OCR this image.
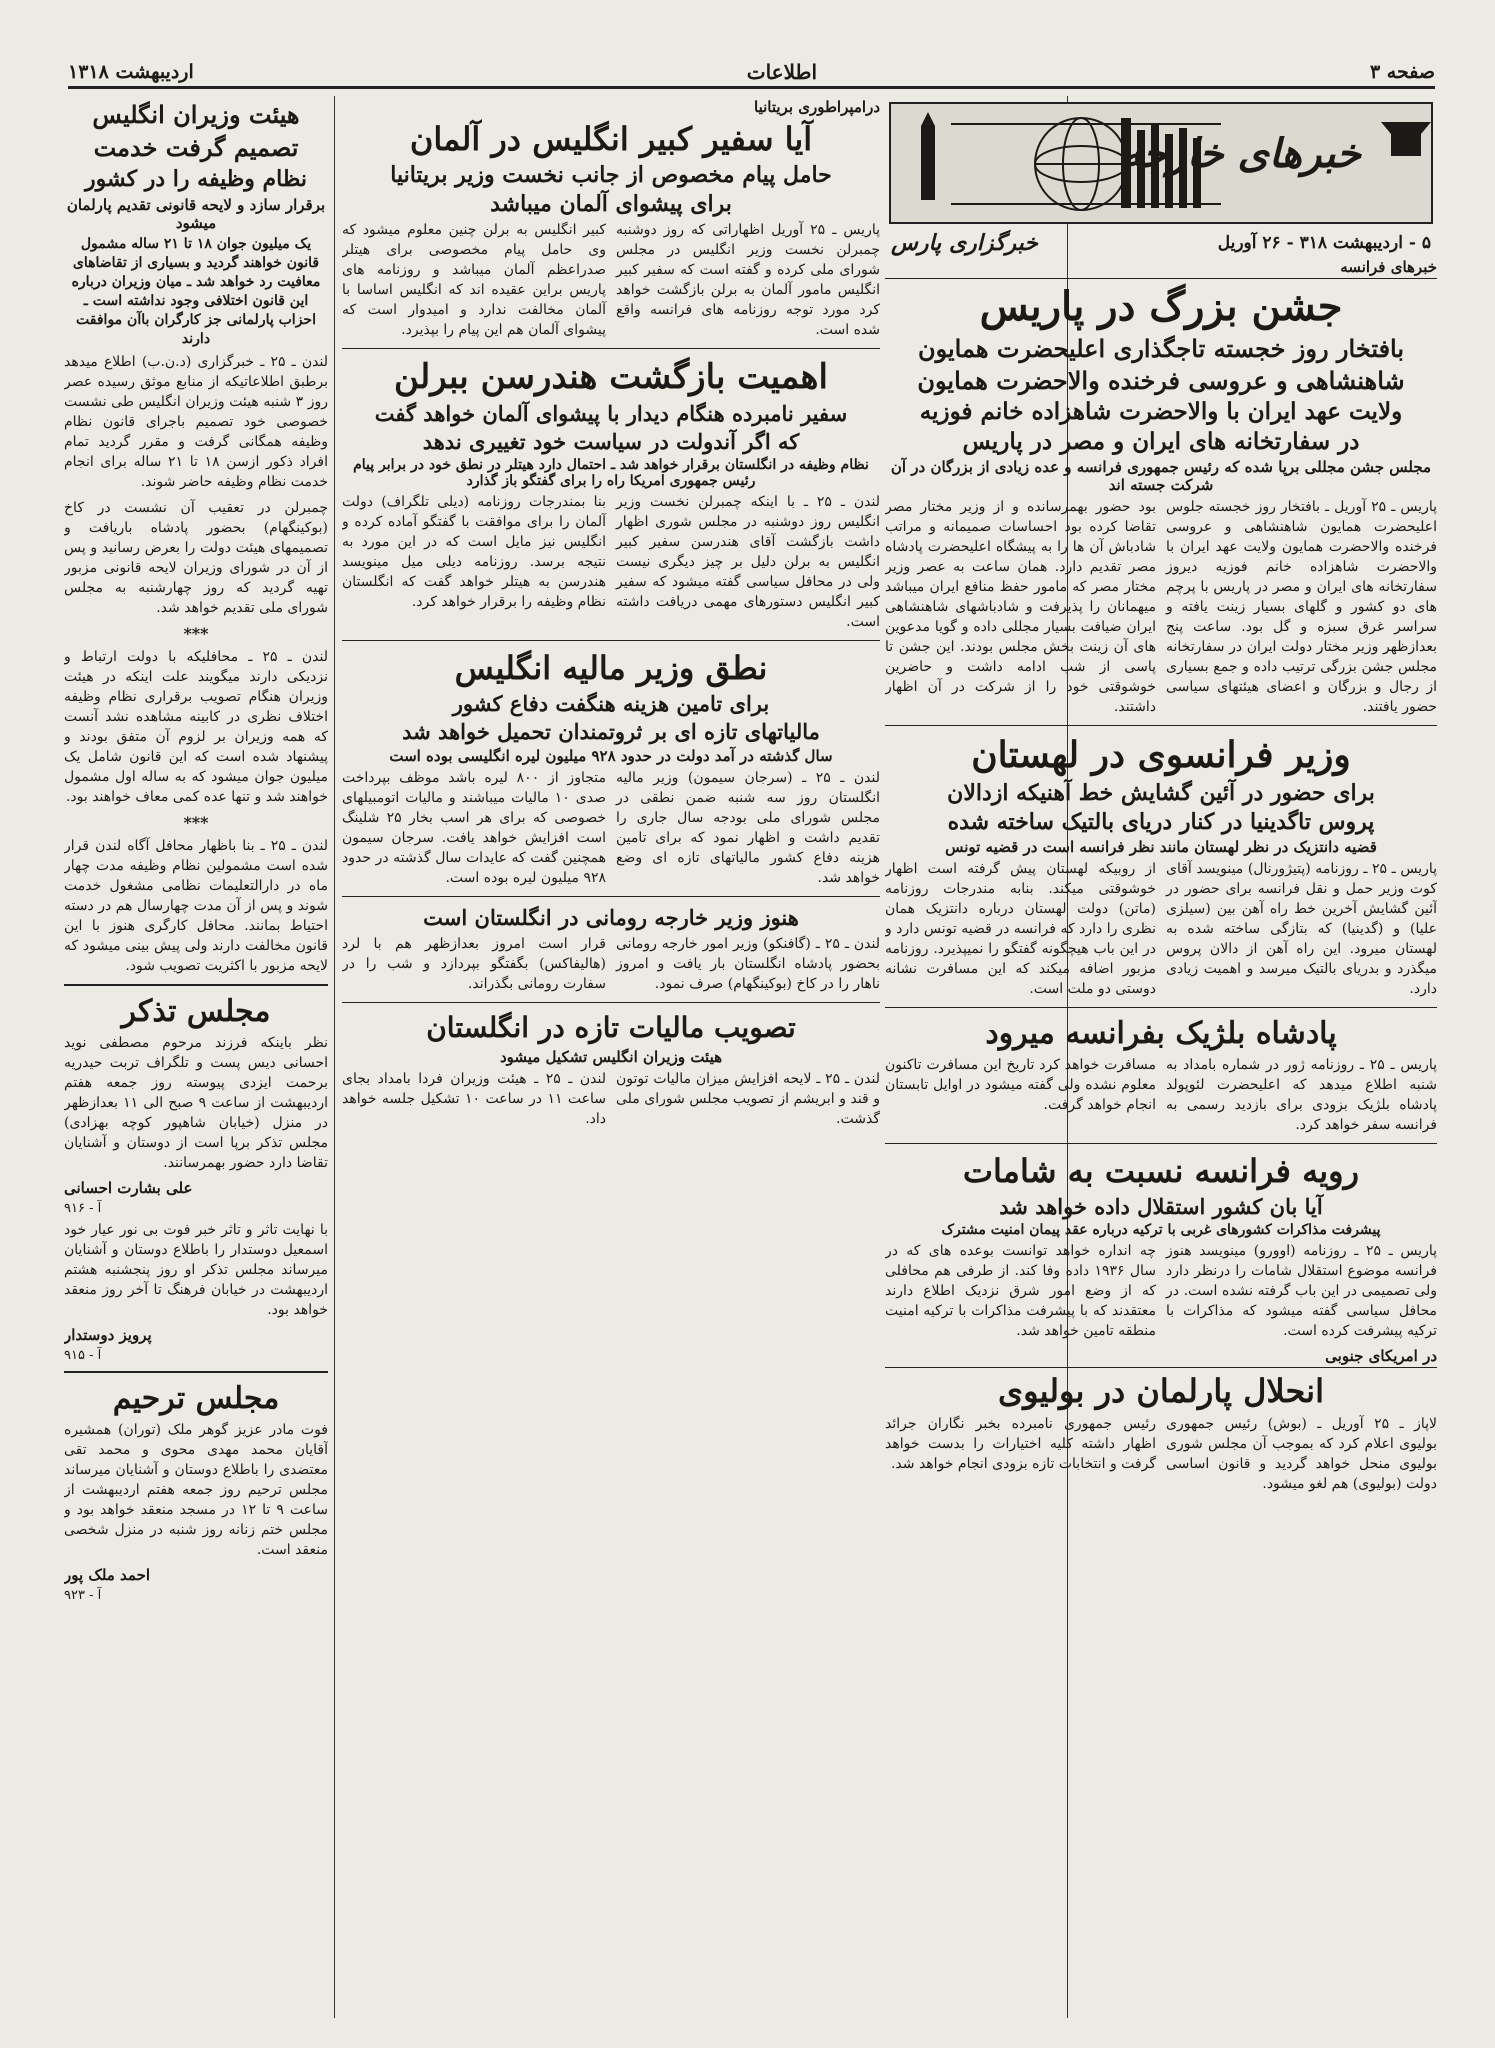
صفحه ۳
اطلاعات
اردیبهشت ۱۳۱۸
خبرهای خارجه
۵ - اردیبهشت ۳۱۸ - ۲۶ آوریل
خبرگزاری پارس
خبرهای فرانسه
جشن بزرگ در پاریس
بافتخار روز خجسته تاجگذاری اعلیحضرت همایون
شاهنشاهی و عروسی فرخنده والاحضرت همایون
ولایت عهد ایران با والاحضرت شاهزاده خانم فوزیه
در سفارتخانه های ایران و مصر در پاریس
مجلس جشن مجللی برپا شده که رئیس جمهوری فرانسه و عده زیادی از بزرگان در آن شرکت جسته اند
پاریس ـ ۲۵ آوریل ـ بافتخار روز خجسته جلوس اعلیحضرت همایون شاهنشاهی و عروسی فرخنده والاحضرت همایون ولایت عهد ایران با والاحضرت شاهزاده خانم فوزیه دیروز سفارتخانه های ایران و مصر در پاریس با پرچم های دو کشور و گلهای بسیار زینت یافته و سراسر غرق سبزه و گل بود. ساعت پنج بعدازظهر وزیر مختار دولت ایران در سفارتخانه مجلس جشن بزرگی ترتیب داده و جمع بسیاری از رجال و بزرگان و اعضای هیئتهای سیاسی حضور یافتند.
بود حضور بهمرسانده و از وزیر مختار مصر تقاضا کرده بود احساسات صمیمانه و مراتب شادباش آن ها را به پیشگاه اعلیحضرت پادشاه مصر تقدیم دارد. همان ساعت به عصر وزیر مختار مصر که مامور حفظ منافع ایران میباشد میهمانان را پذیرفت و شادباشهای شاهنشاهی ایران ضیافت بسیار مجللی داده و گویا مدعوین های آن زینت بخش مجلس بودند. این جشن تا پاسی از شب ادامه داشت و حاضرین خوشوقتی خود را از شرکت در آن اظهار داشتند.
وزیر فرانسوی در لهستان
برای حضور در آئین گشایش خط آهنیکه ازدالان
پروس تاگدینیا در کنار دریای بالتیک ساخته شده
قضیه دانتزیک در نظر لهستان مانند نظر فرانسه است در قضیه تونس
پاریس ـ ۲۵ ـ روزنامه (پتیژورنال) مینویسد آقای کوت وزیر حمل و نقل فرانسه برای حضور در آئین گشایش آخرین خط راه آهن بین (سیلزی علیا) و (گدینیا) که بتازگی ساخته شده به لهستان میرود. این راه آهن از دالان پروس میگذرد و بدریای بالتیک میرسد و اهمیت زیادی دارد.
از روبیکه لهستان پیش گرفته است اظهار خوشوقتی میکند. بنابه مندرجات روزنامه (ماتن) دولت لهستان درباره دانتزیک همان نظری را دارد که فرانسه در قضیه تونس دارد و در این باب هیچگونه گفتگو را نمیپذیرد. روزنامه مزبور اضافه میکند که این مسافرت نشانه دوستی دو ملت است.
پادشاه بلژیک بفرانسه میرود
پاریس ـ ۲۵ ـ روزنامه ژور در شماره بامداد به شنبه اطلاع میدهد که اعلیحضرت لئوپولد پادشاه بلژیک بزودی برای بازدید رسمی به فرانسه سفر خواهد کرد.
مسافرت خواهد کرد تاریخ این مسافرت تاکنون معلوم نشده ولی گفته میشود در اوایل تابستان انجام خواهد گرفت.
رویه فرانسه نسبت به شامات
آیا بان کشور استقلال داده خواهد شد
پیشرفت مذاکرات کشورهای غربی با ترکیه درباره عقد پیمان امنیت مشترک
پاریس ـ ۲۵ ـ روزنامه (اوورو) مینویسد هنوز فرانسه موضوع استقلال شامات را درنظر دارد ولی تصمیمی در این باب گرفته نشده است. در محافل سیاسی گفته میشود که مذاکرات با ترکیه پیشرفت کرده است.
چه انداره خواهد توانست بوعده های که در سال ۱۹۳۶ داده وفا کند. از طرفی هم محافلی که از وضع امور شرق نزدیک اطلاع دارند معتقدند که با پیشرفت مذاکرات با ترکیه امنیت منطقه تامین خواهد شد.
در امریکای جنوبی
انحلال پارلمان در بولیوی
لاپاز ـ ۲۵ آوریل ـ (بوش) رئیس جمهوری بولیوی اعلام کرد که بموجب آن مجلس شوری بولیوی منحل خواهد گردید و قانون اساسی دولت (بولیوی) هم لغو میشود.
رئیس جمهوری نامبرده بخبر نگاران جرائد اظهار داشته کلیه اختیارات را بدست خواهد گرفت و انتخابات تازه بزودی انجام خواهد شد.
درامپراطوری بریتانیا
آیا سفیر کبیر انگلیس در آلمان
حامل پیام مخصوص از جانب نخست وزیر بریتانیا
برای پیشوای آلمان میباشد
پاریس ـ ۲۵ آوریل اظهاراتی که روز دوشنبه چمبرلن نخست وزیر انگلیس در مجلس شورای ملی کرده و گفته است که سفیر کبیر انگلیس مامور آلمان به برلن بازگشت خواهد کرد مورد توجه روزنامه های فرانسه واقع شده است.
کبیر انگلیس به برلن چنین معلوم میشود که وی حامل پیام مخصوصی برای هیتلر صدراعظم آلمان میباشد و روزنامه های پاریس براین عقیده اند که انگلیس اساسا با آلمان مخالفت ندارد و امیدوار است که پیشوای آلمان هم این پیام را بپذیرد.
اهمیت بازگشت هندرسن ببرلن
سفیر نامبرده هنگام دیدار با پیشوای آلمان خواهد گفت
که اگر آندولت در سیاست خود تغییری ندهد
نظام وظیفه در انگلستان برقرار خواهد شد ـ احتمال دارد هیتلر در نطق خود در برابر پیام رئیس جمهوری امریکا راه را برای گفتگو باز گذارد
لندن ـ ۲۵ ـ با اینکه چمبرلن نخست وزیر انگلیس روز دوشنبه در مجلس شوری اظهار داشت بازگشت آقای هندرسن سفیر کبیر انگلیس به برلن دلیل بر چیز دیگری نیست ولی در محافل سیاسی گفته میشود که سفیر کبیر انگلیس دستورهای مهمی دریافت داشته است.
بنا بمندرجات روزنامه (دیلی تلگراف) دولت آلمان را برای موافقت با گفتگو آماده کرده و انگلیس نیز مایل است که در این مورد به نتیجه برسد. روزنامه دیلی میل مینویسد هندرسن به هیتلر خواهد گفت که انگلستان نظام وظیفه را برقرار خواهد کرد.
نطق وزیر مالیه انگلیس
برای تامین هزینه هنگفت دفاع کشور
مالیاتهای تازه ای بر ثروتمندان تحمیل خواهد شد
سال گذشته در آمد دولت در حدود ۹۲۸ میلیون لیره انگلیسی بوده است
لندن ـ ۲۵ ـ (سرجان سیمون) وزیر مالیه انگلستان روز سه شنبه ضمن نطقی در مجلس شورای ملی بودجه سال جاری را تقدیم داشت و اظهار نمود که برای تامین هزینه دفاع کشور مالیاتهای تازه ای وضع خواهد شد.
متجاوز از ۸۰۰ لیره باشد موظف بپرداخت صدی ۱۰ مالیات میباشند و مالیات اتومبیلهای خصوصی که برای هر اسب بخار ۲۵ شلینگ است افزایش خواهد یافت. سرجان سیمون همچنین گفت که عایدات سال گذشته در حدود ۹۲۸ میلیون لیره بوده است.
هنوز وزیر خارجه رومانی در انگلستان است
لندن ـ ۲۵ ـ (گافنکو) وزیر امور خارجه رومانی بحضور پادشاه انگلستان بار یافت و امروز ناهار را در کاخ (بوکینگهام) صرف نمود.
قرار است امروز بعدازظهر هم با لرد (هالیفاکس) بگفتگو بپردازد و شب را در سفارت رومانی بگذراند.
تصویب مالیات تازه در انگلستان
هیئت وزیران انگلیس تشکیل میشود
لندن ـ ۲۵ ـ لایحه افزایش میزان مالیات توتون و قند و ابریشم از تصویب مجلس شورای ملی گذشت.
لندن ـ ۲۵ ـ هیئت وزیران فردا بامداد بجای ساعت ۱۱ در ساعت ۱۰ تشکیل جلسه خواهد داد.
هیئت وزیران انگلیس
تصمیم گرفت خدمت
نظام وظیفه را در کشور
برقرار سازد و لایحه قانونی تقدیم پارلمان میشود
یک میلیون جوان ۱۸ تا ۲۱ ساله مشمول قانون خواهند گردید و بسیاری از تقاضاهای معافیت رد خواهد شد ـ میان وزیران درباره این قانون اختلافی وجود نداشته است ـ احزاب پارلمانی جز کارگران باآن موافقت دارند
لندن ـ ۲۵ ـ خبرگزاری (د.ن.ب) اطلاع میدهد برطبق اطلاعاتیکه از منابع موثق رسیده عصر روز ۳ شنبه هیئت وزیران انگلیس طی نشست خصوصی خود تصمیم باجرای قانون نظام وظیفه همگانی گرفت و مقرر گردید تمام افراد ذکور ازسن ۱۸ تا ۲۱ ساله برای انجام خدمت نظام وظیفه حاضر شوند.
چمبرلن در تعقیب آن نشست در کاخ (بوکینگهام) بحضور پادشاه باریافت و تصمیمهای هیئت دولت را بعرض رسانید و پس از آن در شورای وزیران لایحه قانونی مزبور تهیه گردید که روز چهارشنبه به مجلس شورای ملی تقدیم خواهد شد.
***
لندن ـ ۲۵ ـ محافلیکه با دولت ارتباط و نزدیکی دارند میگویند علت اینکه در هیئت وزیران هنگام تصویب برقراری نظام وظیفه اختلاف نظری در کابینه مشاهده نشد آنست که همه وزیران بر لزوم آن متفق بودند و پیشنهاد شده است که این قانون شامل یک میلیون جوان میشود که به ساله اول مشمول خواهند شد و تنها عده کمی معاف خواهند بود.
***
لندن ـ ۲۵ ـ بنا باظهار محافل آگاه لندن قرار شده است مشمولین نظام وظیفه مدت چهار ماه در دارالتعلیمات نظامی مشغول خدمت شوند و پس از آن مدت چهارسال هم در دسته احتیاط بمانند. محافل کارگری هنوز با این قانون مخالفت دارند ولی پیش بینی میشود که لایحه مزبور با اکثریت تصویب شود.
مجلس تذکر
نظر باینکه فرزند مرحوم مصطفی نوید احسانی دیس پست و تلگراف تربت حیدریه برحمت ایزدی پیوسته روز جمعه هفتم اردیبهشت از ساعت ۹ صبح الی ۱۱ بعدازظهر در منزل (خیابان شاهپور کوچه بهزادی) مجلس تذکر برپا است از دوستان و آشنایان تقاضا دارد حضور بهمرسانند.
علی بشارت احسانی
آ - ۹۱۶
با نهایت تاثر و تاثر خبر فوت بی نور عیار خود اسمعیل دوستدار را باطلاع دوستان و آشنایان میرساند مجلس تذکر او روز پنجشنبه هشتم اردیبهشت در خیابان فرهنگ تا آخر روز منعقد خواهد بود.
پرویز دوستدار
آ - ۹۱۵
مجلس ترحیم
فوت مادر عزیز گوهر ملک (توران) همشیره آقایان محمد مهدی محوی و محمد تقی معتضدی را باطلاع دوستان و آشنایان میرساند مجلس ترحیم روز جمعه هفتم اردیبهشت از ساعت ۹ تا ۱۲ در مسجد منعقد خواهد بود و مجلس ختم زنانه روز شنبه در منزل شخصی منعقد است.
احمد ملک پور
آ - ۹۲۳
